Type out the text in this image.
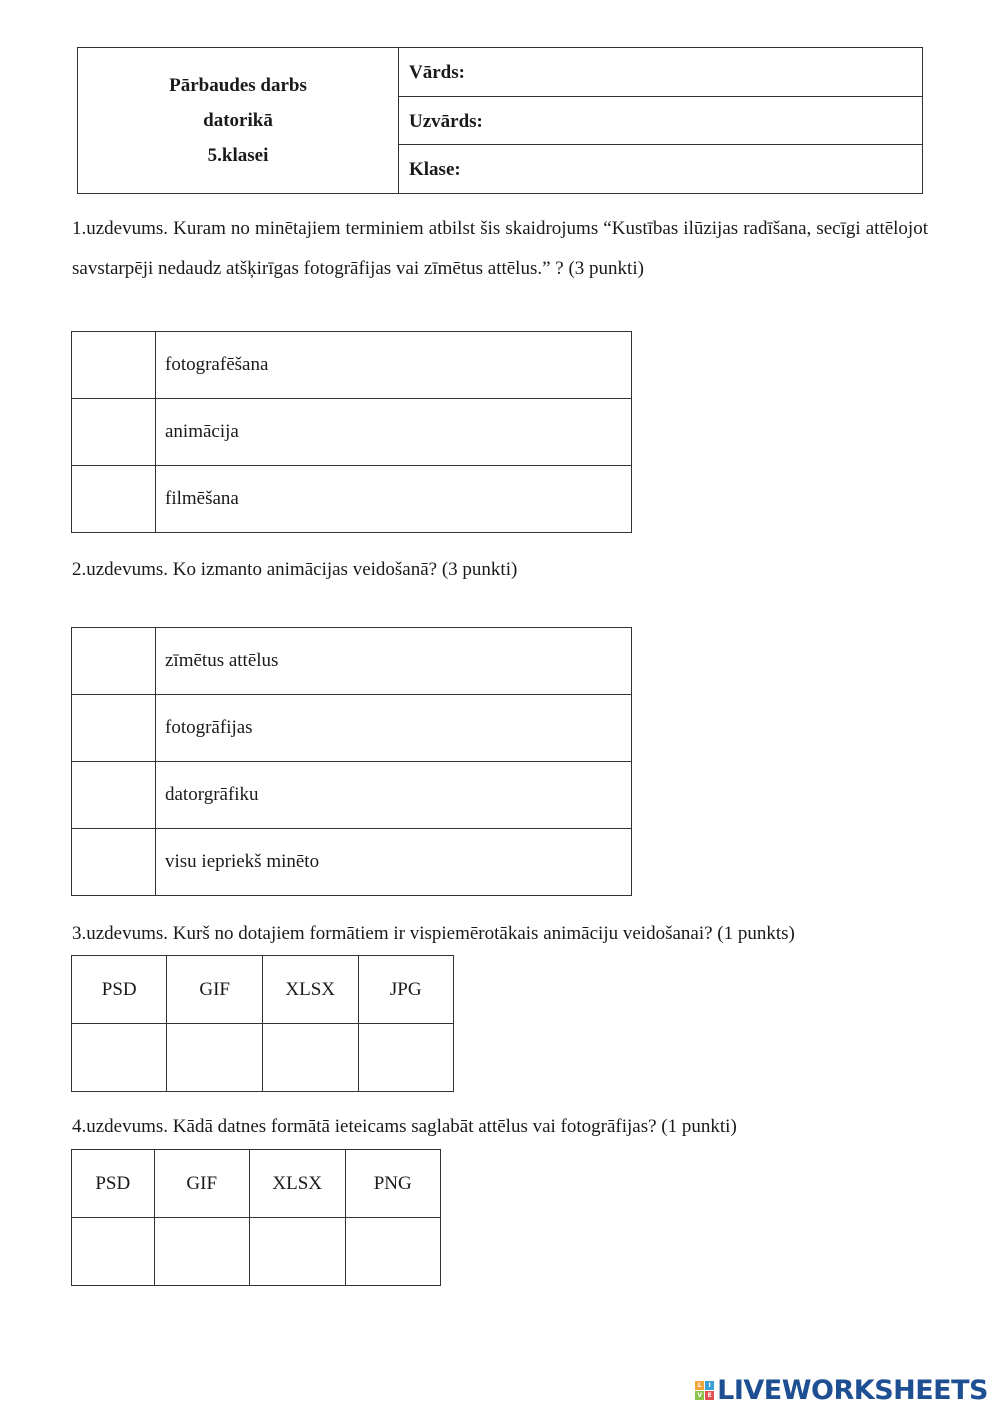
Pārbaudes darbs
datorikā
5.klasei
	Vārds:
Uzvārds:
Klase:
1.uzdevums. Kuram no minētajiem terminiem atbilst šis skaidrojums “Kustības ilūzijas radīšana, secīgi attēlojot savstarpēji nedaudz atšķirīgas fotogrāfijas vai zīmētus attēlus.” ? (3 punkti)
	fotografēšana
	animācija
	filmēšana
2.uzdevums. Ko izmanto animācijas veidošanā? (3 punkti)
	zīmētus attēlus
	fotogrāfijas
	datorgrāfiku
	visu iepriekš minēto
3.uzdevums. Kurš no dotajiem formātiem ir vispiemērotākais animāciju veidošanai? (1 punkts)
PSD	GIF	XLSX	JPG

4.uzdevums. Kādā datnes formātā ieteicams saglabāt attēlus vai fotogrāfijas? (1 punkti)
PSD	GIF	XLSX	PNG

L	I
V E LIVEWORKSHEETS
